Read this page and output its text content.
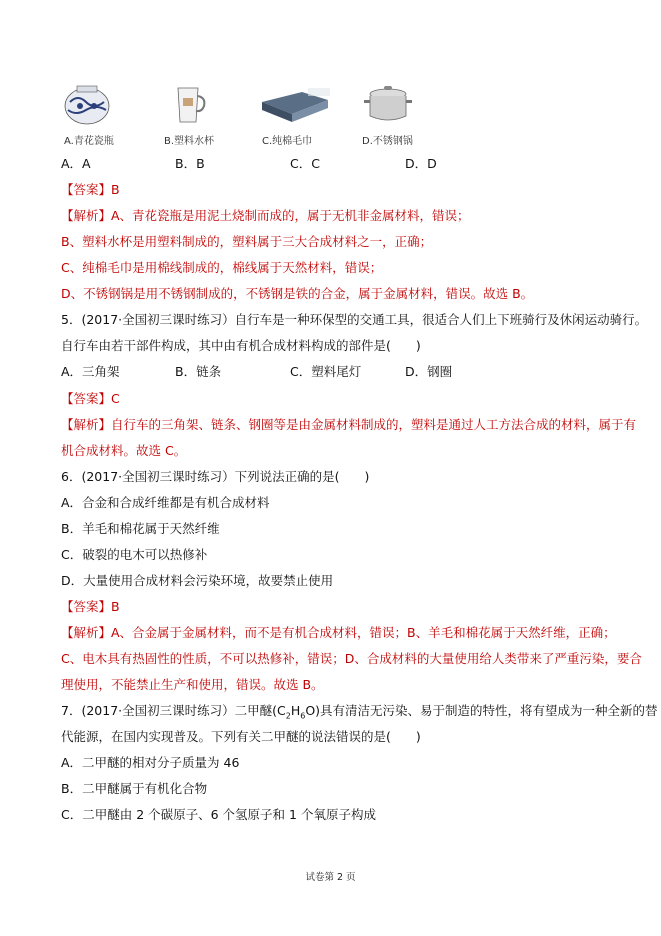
A.青花瓷瓶	B.塑料水杯	C.纯棉毛巾	D.不锈钢锅
A．A	B．B	C．C	D．D
【答案】B
【解析】A、青花瓷瓶是用泥土烧制而成的，属于无机非金属材料，错误；
B、塑料水杯是用塑料制成的，塑料属于三大合成材料之一，正确；
C、纯棉毛巾是用棉线制成的，棉线属于天然材料，错误；
D、不锈钢锅是用不锈钢制成的，不锈钢是铁的合金，属于金属材料，错误。故选 B。
5．(2017·全国初三课时练习）自行车是一种环保型的交通工具，很适合人们上下班骑行及休闲运动骑行。
自行车由若干部件构成，其中由有机合成材料构成的部件是(　　)
A．三角架	B．链条	C．塑料尾灯	D．钢圈
【答案】C
【解析】自行车的三角架、链条、钢圈等是由金属材料制成的，塑料是通过人工方法合成的材料，属于有
机合成材料。故选 C。
6．(2017·全国初三课时练习）下列说法正确的是(　　)
A．合金和合成纤维都是有机合成材料
B．羊毛和棉花属于天然纤维
C．破裂的电木可以热修补
D．大量使用合成材料会污染环境，故要禁止使用
【答案】B
【解析】A、合金属于金属材料，而不是有机合成材料，错误；B、羊毛和棉花属于天然纤维，正确；
C、电木具有热固性的性质，不可以热修补，错误；D、合成材料的大量使用给人类带来了严重污染，要合
理使用，不能禁止生产和使用，错误。故选 B。
7．(2017·全国初三课时练习）二甲醚$(C_2H_6O)$具有清洁无污染、易于制造的特性，将有望成为一种全新的替
代能源，在国内实现普及。下列有关二甲醚的说法错误的是(　　)
A．二甲醚的相对分子质量为 46
B．二甲醚属于有机化合物
C．二甲醚由 2 个碳原子、6 个氢原子和 1 个氧原子构成
试卷第 2 页
